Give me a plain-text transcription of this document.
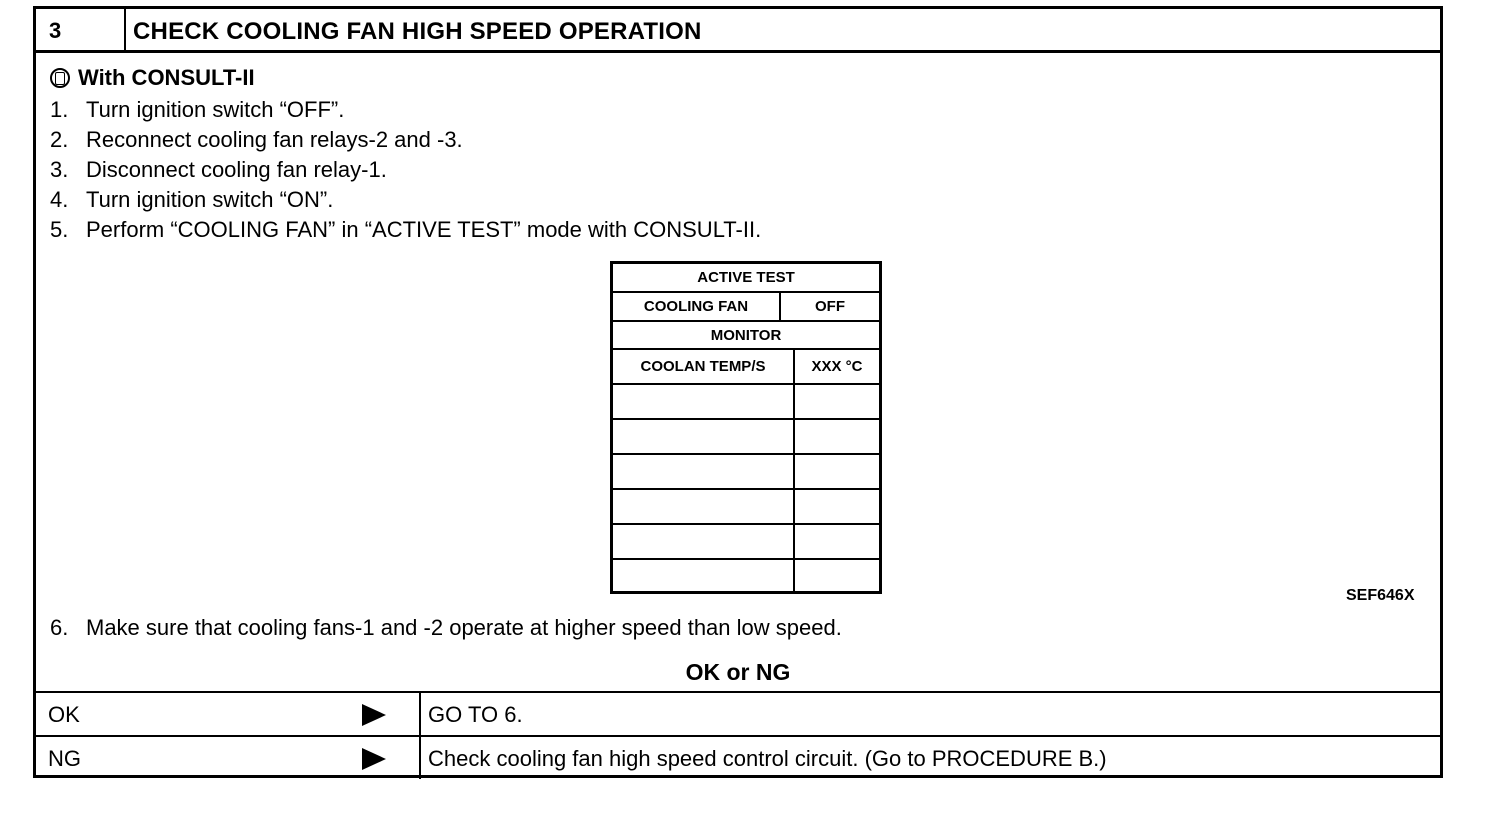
3	CHECK COOLING FAN HIGH SPEED OPERATION
With CONSULT-II
1. Turn ignition switch “OFF”.
2. Reconnect cooling fan relays-2 and -3.
3. Disconnect cooling fan relay-1.
4. Turn ignition switch “ON”.
5. Perform “COOLING FAN” in “ACTIVE TEST” mode with CONSULT-II.
ACTIVE TEST
COOLING FAN	OFF
MONITOR
COOLAN TEMP/S	XXX °C
SEF646X
6. Make sure that cooling fans-1 and -2 operate at higher speed than low speed.
OK or NG
OK	GO TO 6.
NG	Check cooling fan high speed control circuit. (Go to PROCEDURE B.)
